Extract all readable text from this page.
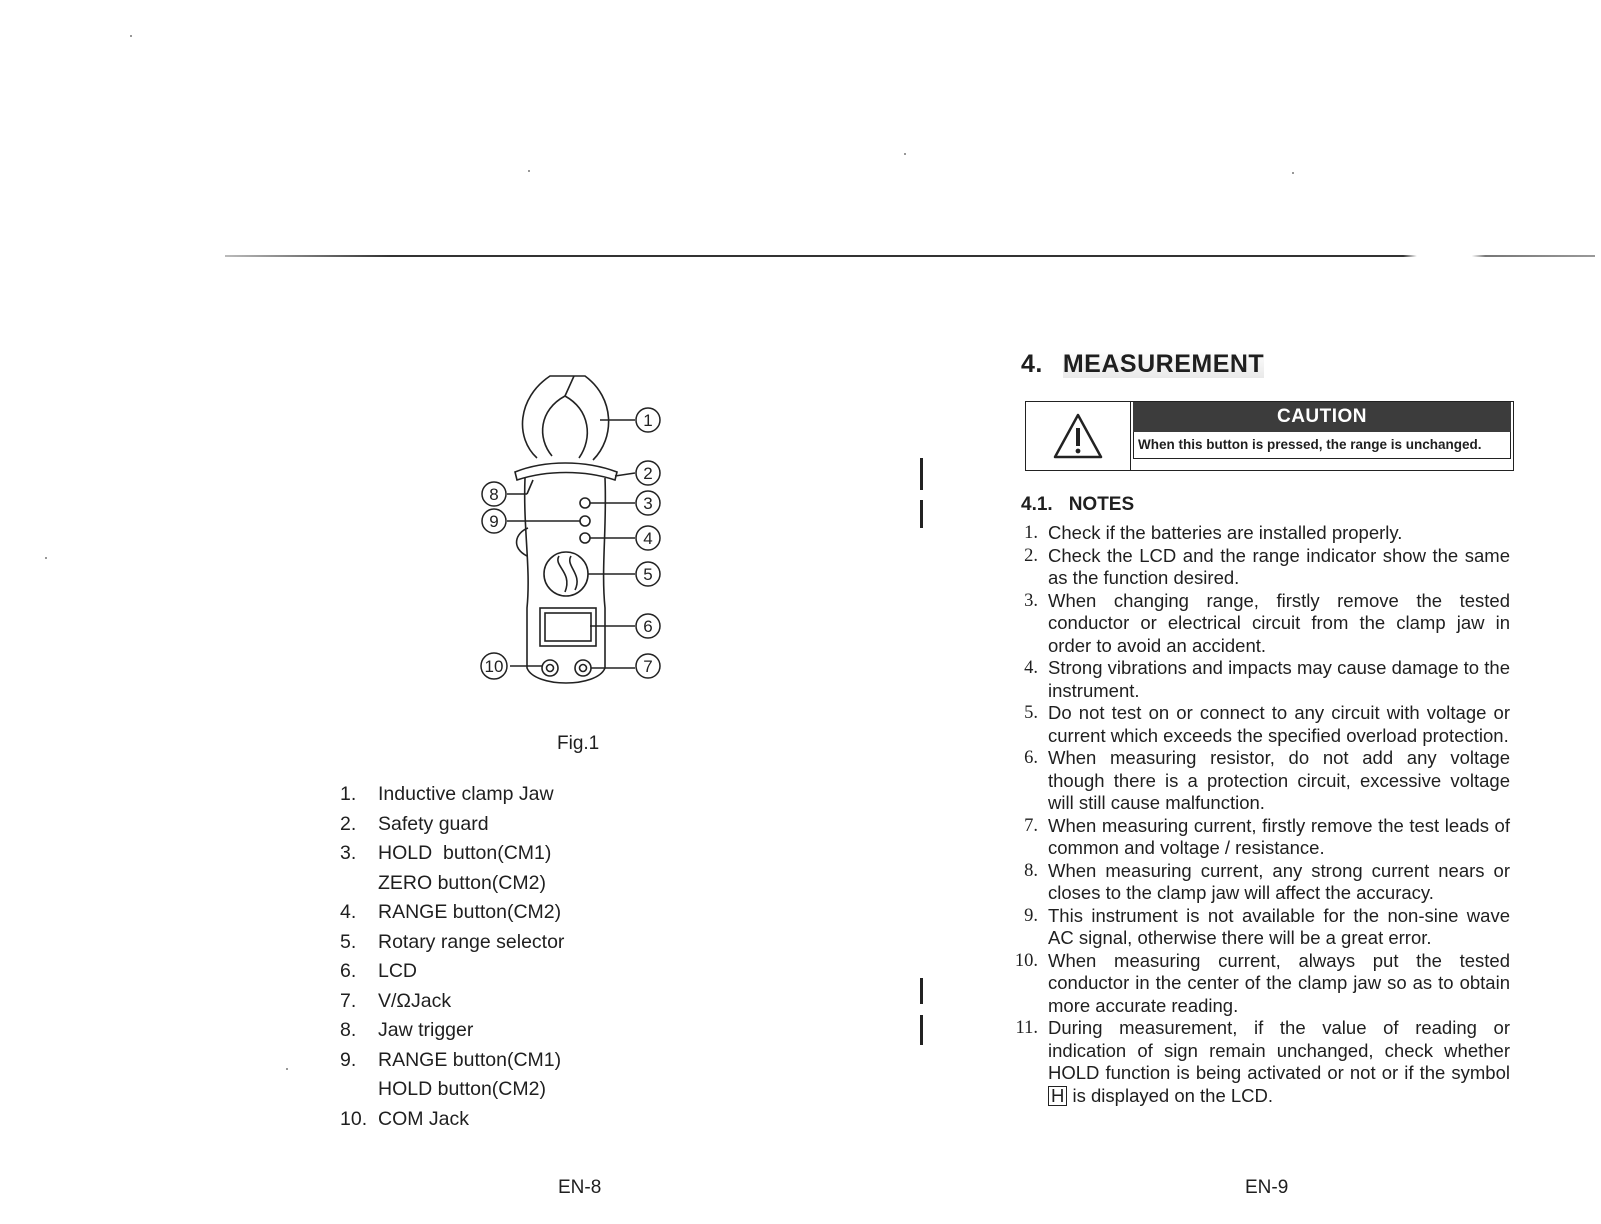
1
2
3
4
5
6
7
8
9
10
Fig.1
1.	Inductive clamp Jaw
2.	Safety guard
3.	HOLD  button(CM1)
ZERO button(CM2)
4.	RANGE button(CM2)
5.	Rotary range selector
6.	LCD
7.	V/ΩJack
8.	Jaw trigger
9.	RANGE button(CM1)
HOLD button(CM2)
10. COM Jack
EN-8
4. MEASUREMENT
CAUTION
When this button is pressed, the range is unchanged.
4.1. NOTES
1. Check if the batteries are installed properly.
2. Check the LCD and the range indicator show the same as the function desired.
3. When changing range, firstly remove the tested conductor or electrical circuit from the clamp jaw in order to avoid an accident.
4. Strong vibrations and impacts may cause damage to the instrument.
5. Do not test on or connect to any circuit with voltage or current which exceeds the specified overload protection.
6. When measuring resistor, do not add any voltage though there is a protection circuit, excessive voltage will still cause malfunction.
7. When measuring current, firstly remove the test leads of common and voltage / resistance.
8. When measuring current, any strong current nears or closes to the clamp jaw will affect the accuracy.
9. This instrument is not available for the non-sine wave AC signal, otherwise there will be a great error.
10. When measuring current, always put the tested conductor in the center of the clamp jaw so as to obtain more accurate reading.
11. During measurement, if the value of reading or indication of sign remain unchanged, check whether HOLD function is being activated or not or if the symbol H is displayed on the LCD.
EN-9
